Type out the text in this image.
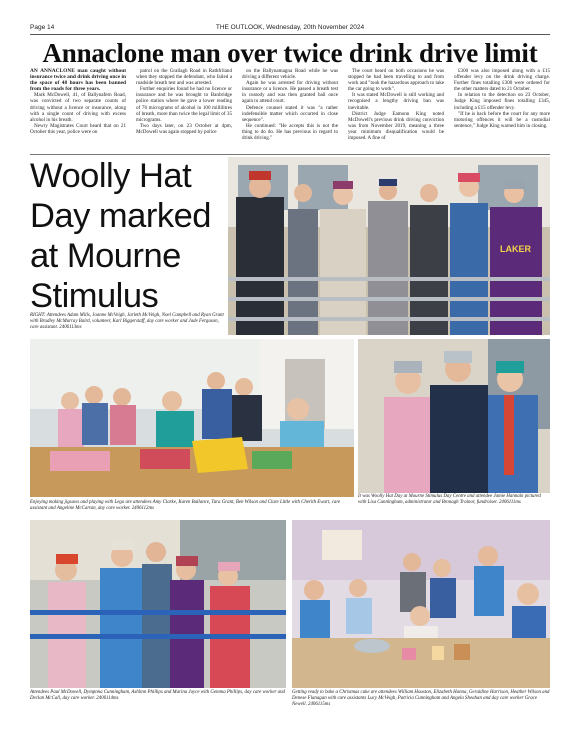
Page 14	THE OUTLOOK, Wednesday, 20th November 2024
Annaclone man over twice drink drive limit

AN ANNACLONE man caught without insurance twice and drink driving once in the space of 48 hours has been banned from the roads for three years.

Mark McDowell, 41, of Ballynafern Road, was convicted of two separate counts of driving without a licence or insurance, along with a single count of driving with excess alcohol in his breath.

Newry Magistrates Court heard that on 21 October this year, police were on

patrol on the Grallagh Road in Rathfriland when they stopped the defendant, who failed a roadside breath test and was arrested.

Further enquiries found he had no licence or insurance and he was brought to Banbridge police station where he gave a lower reading of 76 micrograms of alcohol in 100 millilitres of breath, more than twice the legal limit of 35 micrograms.

Two days later, on 23 October at 4pm, McDowell was again stopped by police

on the Ballynamagna Road while he was driving a different vehicle.

Again he was arrested for driving without insurance or a licence. He passed a breath test in custody and was then granted bail once again to attend court.

Defence counsel stated it was "a rather indefensible matter which occurred in close sequence".

He continued: "He accepts this is not the thing to do do. He has previous in regard to drink driving."

The court heard on both occasions he was stopped he had been travelling to and from work and "took the hazardous approach to take the car going to work".

It was stated McDowell is still working and recognised a lengthy driving ban was inevitable.

District Judge Eamonn King noted McDowell's previous drink driving conviction was from November 2019, meaning a three year minimum disqualification would be imposed. A fine of

£300 was also imposed along with a £15 offender levy on the drink driving charge. Further fines totalling £300 were ordered for the other matters dated to 21 October.

In relation to the detection on 23 October, Judge King imposed fines totalling £345, including a £15 offender levy.

"If he is back before the court for any more motoring offences it will be a custodial sentence," Judge King warned him in closing.

Woolly Hat
Day marked
at Mourne
Stimulus
LAKER
RIGHT: Attendees Adam Mills, Joanne McVeigh, Jarleth McVeigh, Noel Campbell and Ryan Grant with Bradley McMurray Baird, volunteer, Karl Biggerstaff, day care worker and Jade Ferguson, care assistant. 2406113ms
Enjoying making jigsaws and playing with Lego are attendees Amy Clarke, Karen Ballance, Tara Grant, Ben Wilson and Clare Little with Cherith Ewart, care assistant and Angeline McCartan, day care worker. 2406112ms
It was Woolly Hat Day at Mourne Stimulus Day Centre and attendee Jamie Hannain pictured with Lisa Cunningham, administrator and Bronagh Trainor, fundraiser. 2406111ms
Attendees Paul McDowell, Dympnna Cunningham, Ashlinn Phillips and Marina Joyce with Gemma Phillips, day care worker and Declan McCall, day care worker. 2406114ms
Getting ready to bake a Christmas cake are attendees William Houston, Elizabeth Hanna, Geraldine Harrison, Heather Wilson and Denese Flanagan with care assistants Lucy McVeigh, Patricia Cunningham and Angela Sheahan and day care worker Grace Newell. 2406115ms
